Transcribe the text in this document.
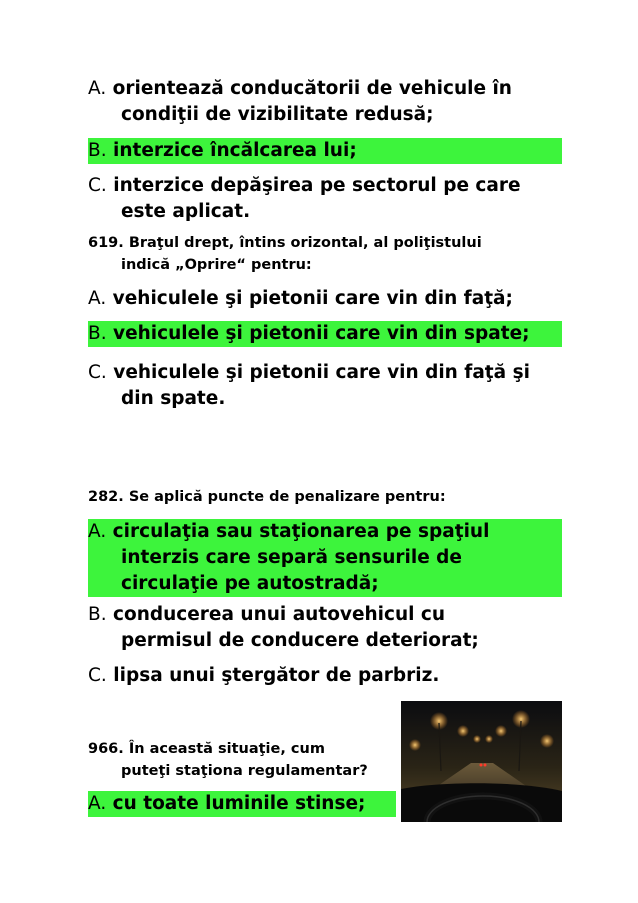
A. orientează conducătorii de vehicule în
condiţii de vizibilitate redusă;
B. interzice încălcarea lui;
C. interzice depăşirea pe sectorul pe care
este aplicat.
619. Braţul drept, întins orizontal, al poliţistului
indică „Oprire“ pentru:
A. vehiculele şi pietonii care vin din faţă;
B. vehiculele şi pietonii care vin din spate;
C. vehiculele şi pietonii care vin din faţă şi
din spate.
282. Se aplică puncte de penalizare pentru:
A. circulaţia sau staţionarea pe spaţiul
interzis care separă sensurile de
circulaţie pe autostradă;
B. conducerea unui autovehicul cu
permisul de conducere deteriorat;
C. lipsa unui ştergător de parbriz.
966. În această situaţie, cum
puteţi staţiona regulamentar?
A. cu toate luminile stinse;
